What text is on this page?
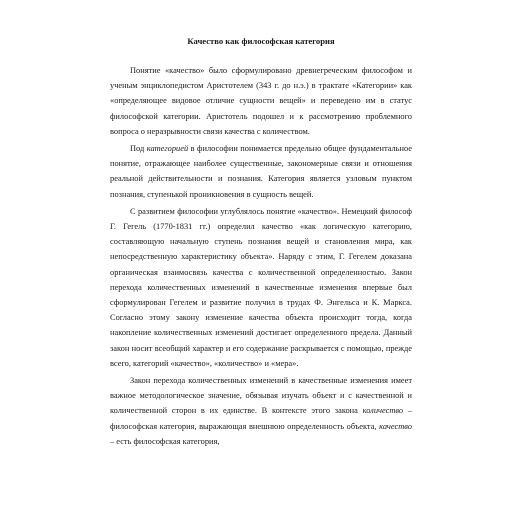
Качество как философская категория

Понятие «качество» было сформулировано древнегреческим философом и ученым энциклопедистом Аристотелем (343 г. до н.э.) в трактате «Категории» как «определяющее видовое отличие сущности вещей» и переведено им в статус философской категории. Аристотель подошел и к рассмотрению проблемного вопроса о неразрывности связи качества с количеством.

Под категорией в философии понимается предельно общее фундаментальное понятие, отражающее наиболее существенные, закономерные связи и отношения реальной действительности и познания. Категория является узловым пунктом познания, ступенькой проникновения в сущность вещей.

С развитием философии углублялось понятие «качество». Немецкий философ Г. Гегель (1770-1831 гг.) определил качество «как логическую категорию, составляющую начальную ступень познания вещей и становления мира, как непосредственную характеристику объекта». Наряду с этим, Г. Гегелем доказана органическая взаимосвязь качества с количественной определенностью. Закон перехода количественных изменений в качественные изменения впервые был сформулирован Гегелем и развитие получил в трудах Ф. Энгельса и К. Маркса. Согласно этому закону изменение качества объекта происходит тогда, когда накопление количественных изменений достигает определенного предела. Данный закон носит всеобщий характер и его содержание раскрывается с помощью, прежде всего, категорий «качество», «количество» и «мера».

Закон перехода количественных изменений в качественные изменения имеет важное методологическое значение, обязывая изучать объект и с качественной и количественной сторон в их единстве. В контексте этого закона количество – философская категория, выражающая внешнюю определенность объекта, качество – есть философская категория,
